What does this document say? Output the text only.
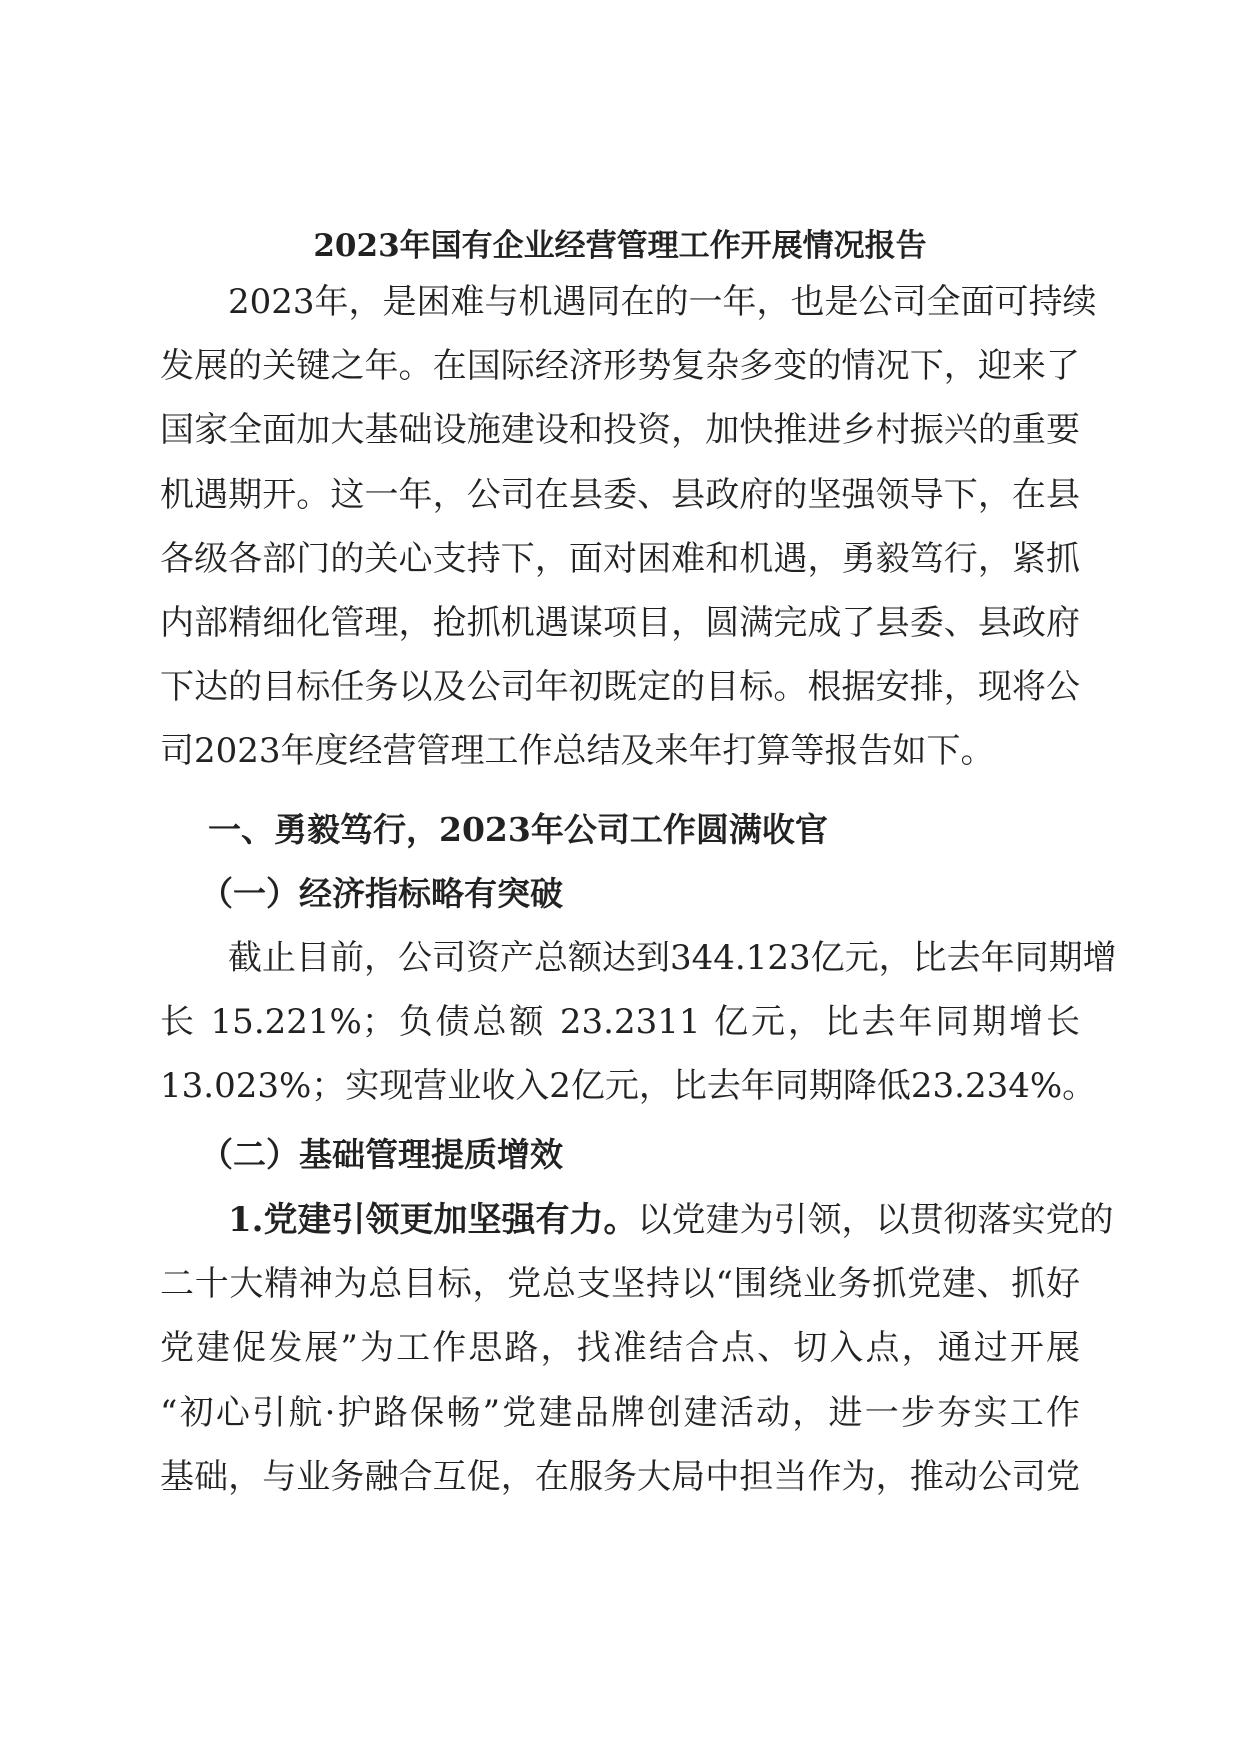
2023年国有企业经营管理工作开展情况报告
2023年，是困难与机遇同在的一年，也是公司全面可持续
发展的关键之年。在国际经济形势复杂多变的情况下，迎来了
国家全面加大基础设施建设和投资，加快推进乡村振兴的重要
机遇期开。这一年，公司在县委、县政府的坚强领导下，在县
各级各部门的关心支持下，面对困难和机遇，勇毅笃行，紧抓
内部精细化管理，抢抓机遇谋项目，圆满完成了县委、县政府
下达的目标任务以及公司年初既定的目标。根据安排，现将公
司2023年度经营管理工作总结及来年打算等报告如下。
一、勇毅笃行，2023年公司工作圆满收官
（一）经济指标略有突破
截止目前，公司资产总额达到344.123亿元，比去年同期增
长 15.221%；负债总额 23.2311 亿元，比去年同期增长
13.023%；实现营业收入2亿元，比去年同期降低23.234%。
（二）基础管理提质增效
1.党建引领更加坚强有力。以党建为引领，以贯彻落实党的
二十大精神为总目标，党总支坚持以“围绕业务抓党建、抓好
党建促发展”为工作思路，找准结合点、切入点，通过开展
“初心引航·护路保畅”党建品牌创建活动，进一步夯实工作
基础，与业务融合互促，在服务大局中担当作为，推动公司党
